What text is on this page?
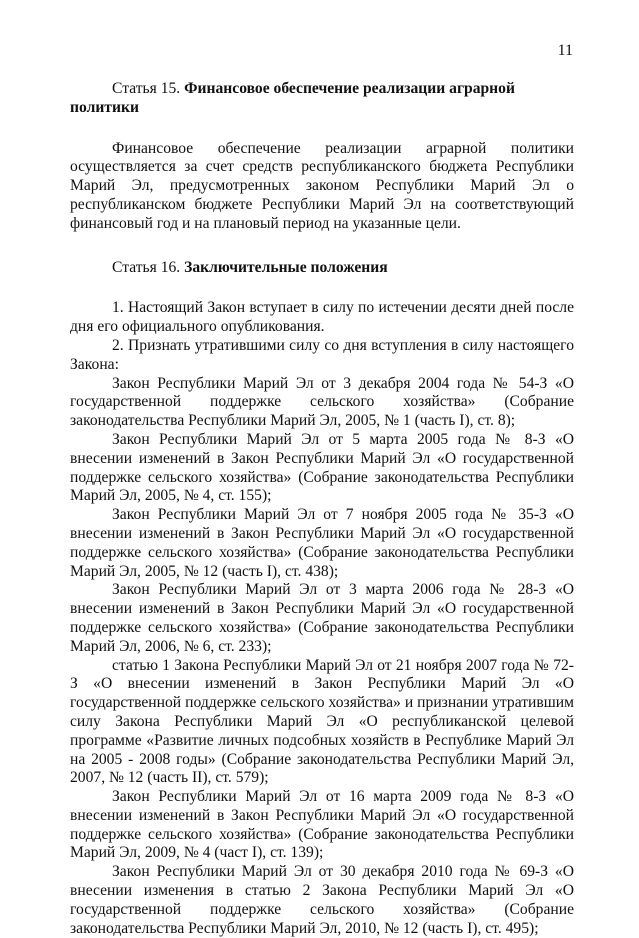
11

Статья 15. Финансовое обеспечение реализации аграрной политики

Финансовое обеспечение реализации аграрной политики осуществляется за счет средств республиканского бюджета Республики Марий Эл, предусмотренных законом Республики Марий Эл о республиканском бюджете Республики Марий Эл на соответствующий финансовый год и на плановый период на указанные цели.

Статья 16. Заключительные положения

1. Настоящий Закон вступает в силу по истечении десяти дней после дня его официального опубликования.

2. Признать утратившими силу со дня вступления в силу настоящего Закона:

Закон Республики Марий Эл от 3 декабря 2004 года № 54-З «О государственной поддержке сельского хозяйства» (Собрание законодательства Республики Марий Эл, 2005, № 1 (часть I), ст. 8);

Закон Республики Марий Эл от 5 марта 2005 года № 8-З «О внесении изменений в Закон Республики Марий Эл «О государственной поддержке сельского хозяйства» (Собрание законодательства Республики Марий Эл, 2005, № 4, ст. 155);

Закон Республики Марий Эл от 7 ноября 2005 года № 35-З «О внесении изменений в Закон Республики Марий Эл «О государственной поддержке сельского хозяйства» (Собрание законодательства Республики Марий Эл, 2005, № 12 (часть I), ст. 438);

Закон Республики Марий Эл от 3 марта 2006 года № 28-З «О внесении изменений в Закон Республики Марий Эл «О государственной поддержке сельского хозяйства» (Собрание законодательства Республики Марий Эл, 2006, № 6, ст. 233);

статью 1 Закона Республики Марий Эл от 21 ноября 2007 года № 72-З «О внесении изменений в Закон Республики Марий Эл «О государственной поддержке сельского хозяйства» и признании утратившим силу Закона Республики Марий Эл «О республиканской целевой программе «Развитие личных подсобных хозяйств в Республике Марий Эл на 2005 - 2008 годы» (Собрание законодательства Республики Марий Эл, 2007, № 12 (часть II), ст. 579);

Закон Республики Марий Эл от 16 марта 2009 года № 8-З «О внесении изменений в Закон Республики Марий Эл «О государственной поддержке сельского хозяйства» (Собрание законодательства Республики Марий Эл, 2009, № 4 (част I), ст. 139);

Закон Республики Марий Эл от 30 декабря 2010 года № 69-З «О внесении изменения в статью 2 Закона Республики Марий Эл «О государственной поддержке сельского хозяйства» (Собрание законодательства Республики Марий Эл, 2010, № 12 (часть I), ст. 495);
